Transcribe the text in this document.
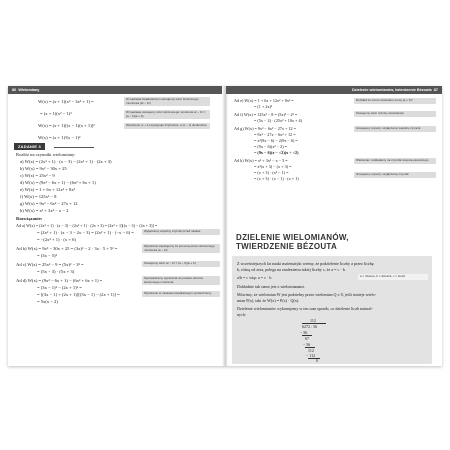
86 Wielomiany
W(x) = (x + 1)(x² − 3x² + 1) =
= (x + 1)(x² − 1)²
W(x) = (x + 1)[(x − 1)(x + 1)]²
W(x) = (x + 1)³(x − 1)²
W nawiasie kwadratowym stosujemy wzór skróconego mnożenia (a² − b²)
W nawiasie stosujemy wzór skróconego mnożenia a² − b² = (a − b)(a + b)
Wyrażenie (x + 1) występuje trzykrotnie, a (x − 1) dwukrotnie
ZADANIE 3
Rozłóż na czynniki wielomiany:
a) W(x) = (2x² + 1) · (x − 3) − (2x² + 1) · (2x + 3)
b) W(x) = 9x² − 30x + 25
c) W(x) = 25x² − 9
d) W(x) = (9x² − 6x + 1) − (6x² + 6x + 1)
e) W(x) = 1 + 6x + 12x² + 8x³
f) W(x) = 125x³ − 8
g) W(x) = 9x³ − 6x² − 27x + 12
h) W(x) = x³ + 3x² − x − 2
Rozwiązanie:
Ad a) W(x) = (2x² + 1) · (x − 3) − (2x² + 1) · (2x + 3) = (2x² + 1)[(x − 3) − (2x + 3)] =
= (2x² + 1) · (x − 3 − 2x − 3) = (2x² + 1) · (−x − 6) =
= −(2x² + 1) · (x + 6)
Ad b) W(x) = 9x² − 30x + 25 = (3x)² − 2 · 3x · 5 + 5² =
= (3x − 5)²
Ad c) W(x) = 25x² − 9 = (5x)² − 3² =
= (5x − 3) · (5x + 3)
Ad d) W(x) = (9x² − 6x + 1) − (6x² + 6x + 1) =
= (3x − 1)² − (2x + 1)² =
= [(3x − 1) + (2x + 1)][(3x − 1) − (2x + 1)] =
= 5x(x − 2)
Wyłączamy wspólny czynnik przed nawias
Wyrażenie zapisujemy za pomocą wzoru skróconego mnożenia (a − b)²
Stosujemy wzór a² − b² = (a − b)(a + b)
Sprowadzamy wyrażenia do postaci wzorów skróconego mnożenia
Wyrażenie w nawiasie kwadratowym upraszczamy
Dzielenie wielomianów, twierdzenie Bézouta 87
Ad e) W(x) = 1 + 6x + 12x² + 8x³ =
= (1 + 2x)³
Ad f) W(x) = 125x³ − 8 = (5x)³ − 2³ =
= (5x − 2) · (25x² + 10x + 4)
Ad g) W(x) = 9x³ − 6x² − 27x + 12 =
= 9x² − 27x − 6x² + 12 =
= x²(9x − 6) − 2(9x − 6) =
= (9x − 6)(x² − 2) =
= (9x − 6)(x − √2)(x + √2)
Ad h) W(x) = x³ + 3x² − x − 3 =
= x²(x + 3) − (x + 3) =
= (x + 3) · (x² − 1) =
= (x + 3) · (x − 1) · (x + 1)
Rozkład ze wzoru sześcianu sumy (a + b)³
Stosujemy wzór różnicy sześcianów
Grupujemy wyrazy i wyłączamy wspólny czynnik
Wielomian rozkładamy na czynniki stopnia pierwszego
Grupujemy wyrazy i wyłączamy czynnik
DZIELENIE WIELOMIANÓW,
TWIERDZENIE BÉZOUTA
Z wcześniejszych lat nauki matematyki wiemy, że podzielenie liczby a przez liczbę
b, różną od zera, polega na znalezieniu takiej liczby c, że a = c · b.
a/b = c więc a = c · b	a = dzielna, b = dzielnik, c = iloraz
Dokładnie tak samo jest z wielomianami.
Mówimy, że wielomian W jest podzielny przez wielomian Q ≠ 0, jeśli istnieje wielo-
mian P(x), taki że W(x) = P(x) · Q(x).
Dzielenie wielomianów wykonujemy w ten sam sposób, co dzielenie liczb natural-
nych:
112
6272 : 56
− 56
67
− 56
112
− 112
0
